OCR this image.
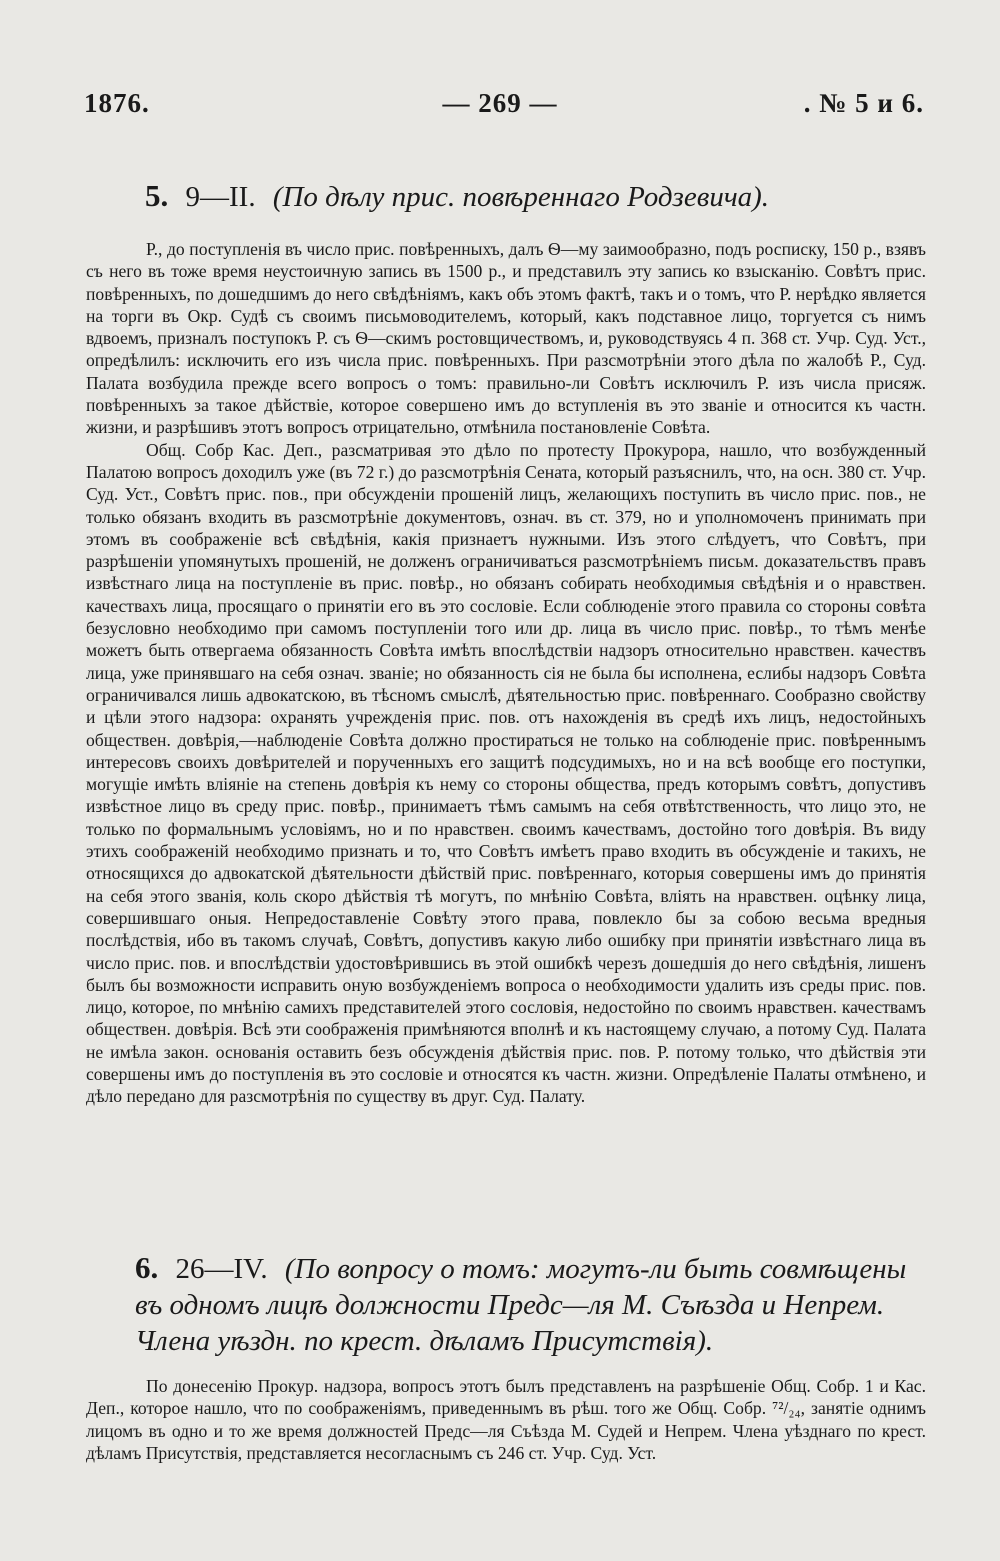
1876.	— 269 —	. № 5 и 6.
5. 9—II. (По дѣлу прис. повѣреннаго Родзевича).

Р., до поступленія въ число прис. повѣренныхъ, далъ Ѳ—му заимообразно, подъ росписку, 150 р., взявъ съ него въ тоже время неустоичную запись въ 1500 р., и представилъ эту запись ко взысканію. Совѣтъ прис. повѣренныхъ, по дошедшимъ до него свѣдѣніямъ, какъ объ этомъ фактѣ, такъ и о томъ, что Р. нерѣдко является на торги въ Окр. Судѣ съ своимъ письмоводителемъ, который, какъ подставное лицо, торгуется съ нимъ вдвоемъ, призналъ поступокъ Р. съ Ѳ—скимъ ростовщичествомъ, и, руководствуясь 4 п. 368 ст. Учр. Суд. Уст., опредѣлилъ: исключить его изъ числа прис. повѣренныхъ. При разсмотрѣніи этого дѣла по жалобѣ Р., Суд. Палата возбудила прежде всего вопросъ о томъ: правильно-ли Совѣтъ исключилъ Р. изъ числа присяж. повѣренныхъ за такое дѣйствіе, которое совершено имъ до вступленія въ это званіе и относится къ частн. жизни, и разрѣшивъ этотъ вопросъ отрицательно, отмѣнила постановленіе Совѣта.

Общ. Собр Кас. Деп., разсматривая это дѣло по протесту Прокурора, нашло, что возбужденный Палатою вопросъ доходилъ уже (въ 72 г.) до разсмотрѣнія Сената, который разъяснилъ, что, на осн. 380 ст. Учр. Суд. Уст., Совѣтъ прис. пов., при обсужденіи прошеній лицъ, желающихъ поступить въ число прис. пов., не только обязанъ входить въ разсмотрѣніе документовъ, означ. въ ст. 379, но и уполномоченъ принимать при этомъ въ соображеніе всѣ свѣдѣнія, какія признаетъ нужными. Изъ этого слѣдуетъ, что Совѣтъ, при разрѣшеніи упомянутыхъ прошеній, не долженъ ограничиваться разсмотрѣніемъ письм. доказательствъ правъ извѣстнаго лица на поступленіе въ прис. повѣр., но обязанъ собирать необходимыя свѣдѣнія и о нравствен. качествахъ лица, просящаго о принятіи его въ это сословіе. Если соблюденіе этого правила со стороны совѣта безусловно необходимо при самомъ поступленіи того или др. лица въ число прис. повѣр., то тѣмъ менѣе можетъ быть отвергаема обязанность Совѣта имѣть впослѣдствіи надзоръ относительно нравствен. качествъ лица, уже принявшаго на себя означ. званіе; но обязанность сія не была бы исполнена, еслибы надзоръ Совѣта ограничивался лишь адвокатскою, въ тѣсномъ смыслѣ, дѣятельностью прис. повѣреннаго. Сообразно свойству и цѣли этого надзора: охранять учрежденія прис. пов. отъ нахожденія въ средѣ ихъ лицъ, недостойныхъ обществен. довѣрія,—наблюденіе Совѣта должно простираться не только на соблюденіе прис. повѣреннымъ интересовъ своихъ довѣрителей и порученныхъ его защитѣ подсудимыхъ, но и на всѣ вообще его поступки, могущіе имѣть вліяніе на степень довѣрія къ нему со стороны общества, предъ которымъ совѣтъ, допустивъ извѣстное лицо въ среду прис. повѣр., принимаетъ тѣмъ самымъ на себя отвѣтственность, что лицо это, не только по формальнымъ условіямъ, но и по нравствен. своимъ качествамъ, достойно того довѣрія. Въ виду этихъ соображеній необходимо признать и то, что Совѣтъ имѣетъ право входить въ обсужденіе и такихъ, не относящихся до адвокатской дѣятельности дѣйствій прис. повѣреннаго, которыя совершены имъ до принятія на себя этого званія, коль скоро дѣйствія тѣ могутъ, по мнѣнію Совѣта, вліять на нравствен. оцѣнку лица, совершившаго оныя. Непредоставленіе Совѣту этого права, повлекло бы за собою весьма вредныя послѣдствія, ибо въ такомъ случаѣ, Совѣтъ, допустивъ какую либо ошибку при принятіи извѣстнаго лица въ число прис. пов. и впослѣдствіи удостовѣрившись въ этой ошибкѣ черезъ дошедшія до него свѣдѣнія, лишенъ былъ бы возможности исправить оную возбужденіемъ вопроса о необходимости удалить изъ среды прис. пов. лицо, которое, по мнѣнію самихъ представителей этого сословія, недостойно по своимъ нравствен. качествамъ обществен. довѣрія. Всѣ эти соображенія примѣняются вполнѣ и къ настоящему случаю, а потому Суд. Палата не имѣла закон. основанія оставить безъ обсужденія дѣйствія прис. пов. Р. потому только, что дѣйствія эти совершены имъ до поступленія въ это сословіе и относятся къ частн. жизни. Опредѣленіе Палаты отмѣнено, и дѣло передано для разсмотрѣнія по существу въ друг. Суд. Палату.

6. 26—IV. (По вопросу о томъ: могутъ-ли быть совмѣщены въ одномъ лицѣ должности Предс—ля М. Съѣзда и Непрем. Члена уѣздн. по крест. дѣламъ Присутствія).

По донесенію Прокур. надзора, вопросъ этотъ былъ представленъ на разрѣшеніе Общ. Собр. 1 и Кас. Деп., которое нашло, что по соображеніямъ, приведеннымъ въ рѣш. того же Общ. Собр. ⁷²/₂₄, занятіе однимъ лицомъ въ одно и то же время должностей Предс—ля Съѣзда М. Судей и Непрем. Члена уѣзднаго по крест. дѣламъ Присутствія, представляется несогласнымъ съ 246 ст. Учр. Суд. Уст.
